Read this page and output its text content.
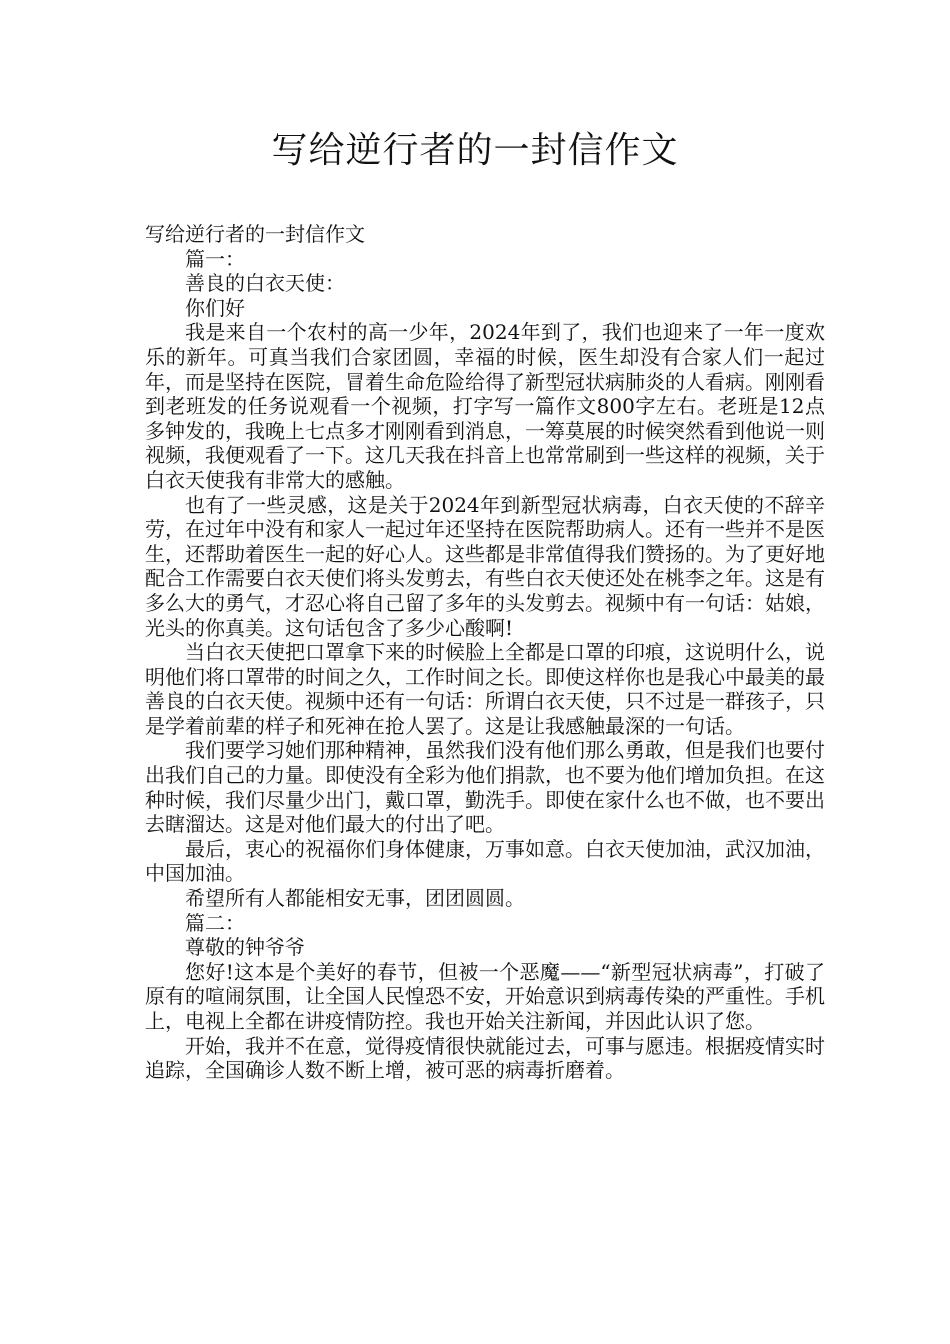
写给逆行者的一封信作文

写给逆行者的一封信作文

篇一：

善良的白衣天使：

你们好

我是来自一个农村的高一少年，2024年到了，我们也迎来了一年一度欢乐的新年。可真当我们合家团圆，幸福的时候，医生却没有合家人们一起过年，而是坚持在医院，冒着生命危险给得了新型冠状病肺炎的人看病。刚刚看到老班发的任务说观看一个视频，打字写一篇作文800字左右。老班是12点多钟发的，我晚上七点多才刚刚看到消息，一筹莫展的时候突然看到他说一则视频，我便观看了一下。这几天我在抖音上也常常刷到一些这样的视频，关于白衣天使我有非常大的感触。

也有了一些灵感，这是关于2024年到新型冠状病毒，白衣天使的不辞辛劳，在过年中没有和家人一起过年还坚持在医院帮助病人。还有一些并不是医生，还帮助着医生一起的好心人。这些都是非常值得我们赞扬的。为了更好地配合工作需要白衣天使们将头发剪去，有些白衣天使还处在桃李之年。这是有多么大的勇气，才忍心将自己留了多年的头发剪去。视频中有一句话：姑娘，光头的你真美。这句话包含了多少心酸啊!

当白衣天使把口罩拿下来的时候脸上全都是口罩的印痕，这说明什么，说明他们将口罩带的时间之久，工作时间之长。即使这样你也是我心中最美的最善良的白衣天使。视频中还有一句话：所谓白衣天使，只不过是一群孩子，只是学着前辈的样子和死神在抢人罢了。这是让我感触最深的一句话。

我们要学习她们那种精神，虽然我们没有他们那么勇敢，但是我们也要付出我们自己的力量。即使没有全彩为他们捐款，也不要为他们增加负担。在这种时候，我们尽量少出门，戴口罩，勤洗手。即使在家什么也不做，也不要出去瞎溜达。这是对他们最大的付出了吧。

最后，衷心的祝福你们身体健康，万事如意。白衣天使加油，武汉加油，中国加油。

希望所有人都能相安无事，团团圆圆。

篇二：

尊敬的钟爷爷

您好!这本是个美好的春节，但被一个恶魔——“新型冠状病毒”，打破了原有的喧闹氛围，让全国人民惶恐不安，开始意识到病毒传染的严重性。手机上，电视上全都在讲疫情防控。我也开始关注新闻，并因此认识了您。

开始，我并不在意，觉得疫情很快就能过去，可事与愿违。根据疫情实时追踪，全国确诊人数不断上增，被可恶的病毒折磨着。
